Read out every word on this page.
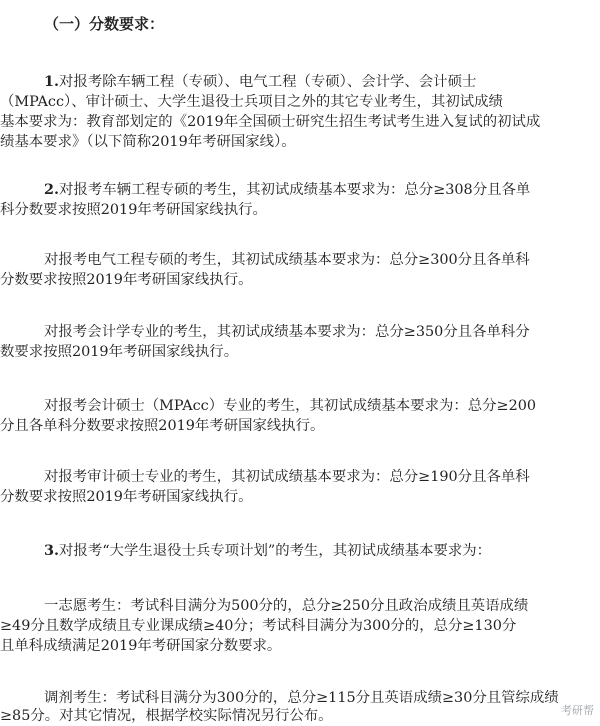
（一）分数要求：
1.对报考除车辆工程（专硕）、电气工程（专硕）、会计学、会计硕士
（MPAcc）、审计硕士、大学生退役士兵项目之外的其它专业考生，其初试成绩
基本要求为：教育部划定的《2019年全国硕士研究生招生考试考生进入复试的初试成
绩基本要求》（以下简称2019年考研国家线）。
2.对报考车辆工程专硕的考生，其初试成绩基本要求为：总分≥308分且各单
科分数要求按照2019年考研国家线执行。
对报考电气工程专硕的考生，其初试成绩基本要求为：总分≥300分且各单科
分数要求按照2019年考研国家线执行。
对报考会计学专业的考生，其初试成绩基本要求为：总分≥350分且各单科分
数要求按照2019年考研国家线执行。
对报考会计硕士（MPAcc）专业的考生，其初试成绩基本要求为：总分≥200
分且各单科分数要求按照2019年考研国家线执行。
对报考审计硕士专业的考生，其初试成绩基本要求为：总分≥190分且各单科
分数要求按照2019年考研国家线执行。
3.对报考“大学生退役士兵专项计划”的考生，其初试成绩基本要求为：
一志愿考生：考试科目满分为500分的，总分≥250分且政治成绩且英语成绩
≥49分且数学成绩且专业课成绩≥40分；考试科目满分为300分的，总分≥130分
且单科成绩满足2019年考研国家分数要求。
调剂考生：考试科目满分为300分的，总分≥115分且英语成绩≥30分且管综成绩
≥85分。对其它情况，根据学校实际情况另行公布。	考研帮
